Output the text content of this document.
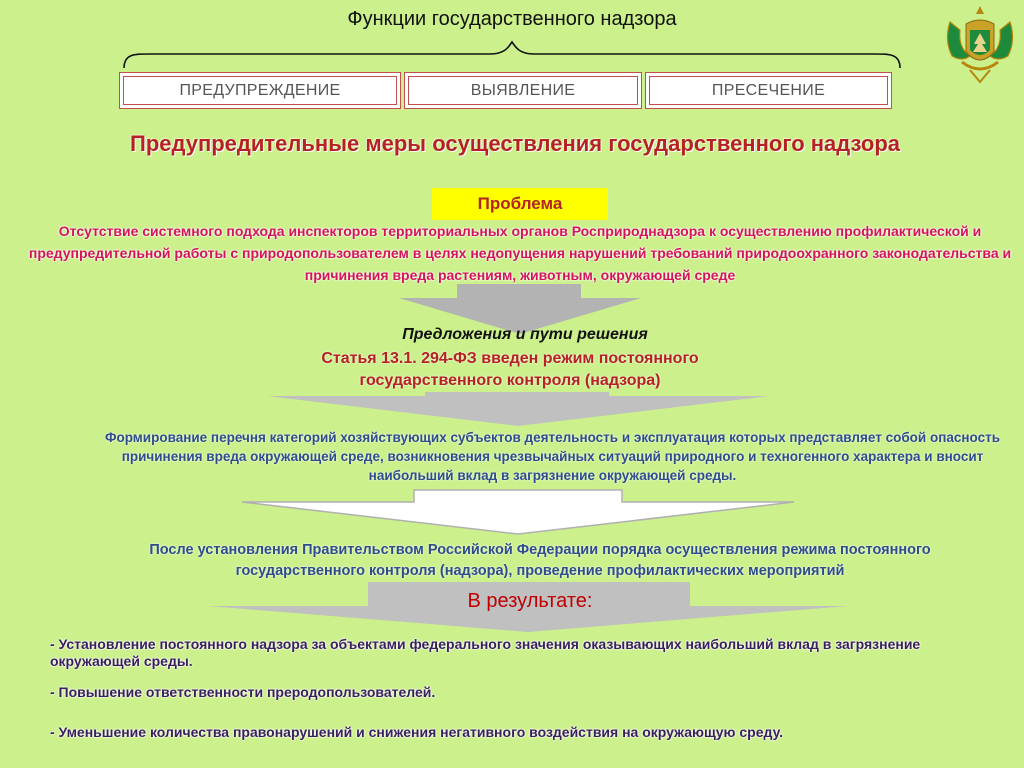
Функции государственного надзора
ПРЕДУПРЕЖДЕНИЕ	ВЫЯВЛЕНИЕ	ПРЕСЕЧЕНИЕ
Предупредительные меры осуществления государственного надзора
Проблема
Отсутствие системного подхода инспекторов территориальных органов Росприроднадзора к осуществлению профилактической и предупредительной работы с природопользователем в целях недопущения нарушений требований природоохранного законодательства и причинения вреда растениям, животным, окружающей среде
Предложения и пути решения
Статья 13.1. 294-ФЗ введен режим постоянного государственного контроля (надзора)
Формирование перечня категорий хозяйствующих субъектов деятельность и эксплуатация которых представляет собой опасность причинения вреда окружающей среде, возникновения чрезвычайных ситуаций природного и техногенного характера и вносит наибольший вклад в загрязнение окружающей среды.
После установления Правительством Российской Федерации порядка осуществления режима постоянного государственного контроля (надзора), проведение профилактических мероприятий
В результате:
- Установление постоянного надзора за объектами федерального значения оказывающих наибольший вклад в загрязнение окружающей среды.
- Повышение ответственности преродопользователей.
- Уменьшение количества правонарушений и снижения негативного воздействия на окружающую среду.
